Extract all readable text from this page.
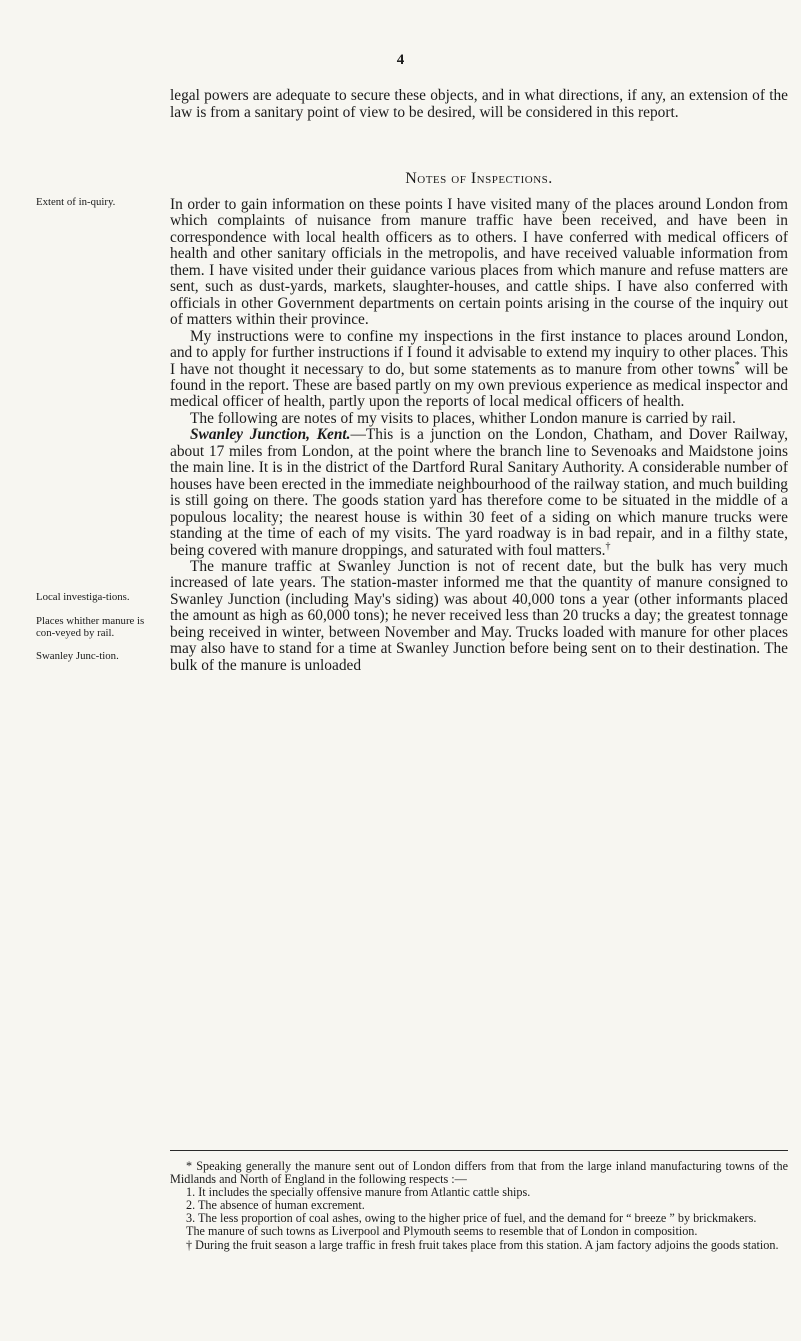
4

legal powers are adequate to secure these objects, and in what directions, if any, an extension of the law is from a sanitary point of view to be desired, will be considered in this report.

Notes of Inspections.

Extent of in-quiry.

Local investiga-tions.

Places whither manure is con-veyed by rail.

Swanley Junc-tion.

In order to gain information on these points I have visited many of the places around London from which complaints of nuisance from manure traffic have been received, and have been in correspondence with local health officers as to others. I have conferred with medical officers of health and other sanitary officials in the metropolis, and have received valuable information from them. I have visited under their guidance various places from which manure and refuse matters are sent, such as dust-yards, markets, slaughter-houses, and cattle ships. I have also conferred with officials in other Government departments on certain points arising in the course of the inquiry out of matters within their province.

My instructions were to confine my inspections in the first instance to places around London, and to apply for further instructions if I found it advisable to extend my inquiry to other places. This I have not thought it necessary to do, but some statements as to manure from other towns* will be found in the report. These are based partly on my own previous experience as medical inspector and medical officer of health, partly upon the reports of local medical officers of health.

The following are notes of my visits to places, whither London manure is carried by rail.

Swanley Junction, Kent.—This is a junction on the London, Chatham, and Dover Railway, about 17 miles from London, at the point where the branch line to Sevenoaks and Maidstone joins the main line. It is in the district of the Dartford Rural Sanitary Authority. A considerable number of houses have been erected in the immediate neighbourhood of the railway station, and much building is still going on there. The goods station yard has therefore come to be situated in the middle of a populous locality; the nearest house is within 30 feet of a siding on which manure trucks were standing at the time of each of my visits. The yard roadway is in bad repair, and in a filthy state, being covered with manure droppings, and saturated with foul matters.†

The manure traffic at Swanley Junction is not of recent date, but the bulk has very much increased of late years. The station-master informed me that the quantity of manure consigned to Swanley Junction (including May's siding) was about 40,000 tons a year (other informants placed the amount as high as 60,000 tons); he never received less than 20 trucks a day; the greatest tonnage being received in winter, between November and May. Trucks loaded with manure for other places may also have to stand for a time at Swanley Junction before being sent on to their destination. The bulk of the manure is unloaded

* Speaking generally the manure sent out of London differs from that from the large inland manufacturing towns of the Midlands and North of England in the following respects :—

1. It includes the specially offensive manure from Atlantic cattle ships.

2. The absence of human excrement.

3. The less proportion of coal ashes, owing to the higher price of fuel, and the demand for “ breeze ” by brickmakers.

The manure of such towns as Liverpool and Plymouth seems to resemble that of London in composition.

† During the fruit season a large traffic in fresh fruit takes place from this station. A jam factory adjoins the goods station.
